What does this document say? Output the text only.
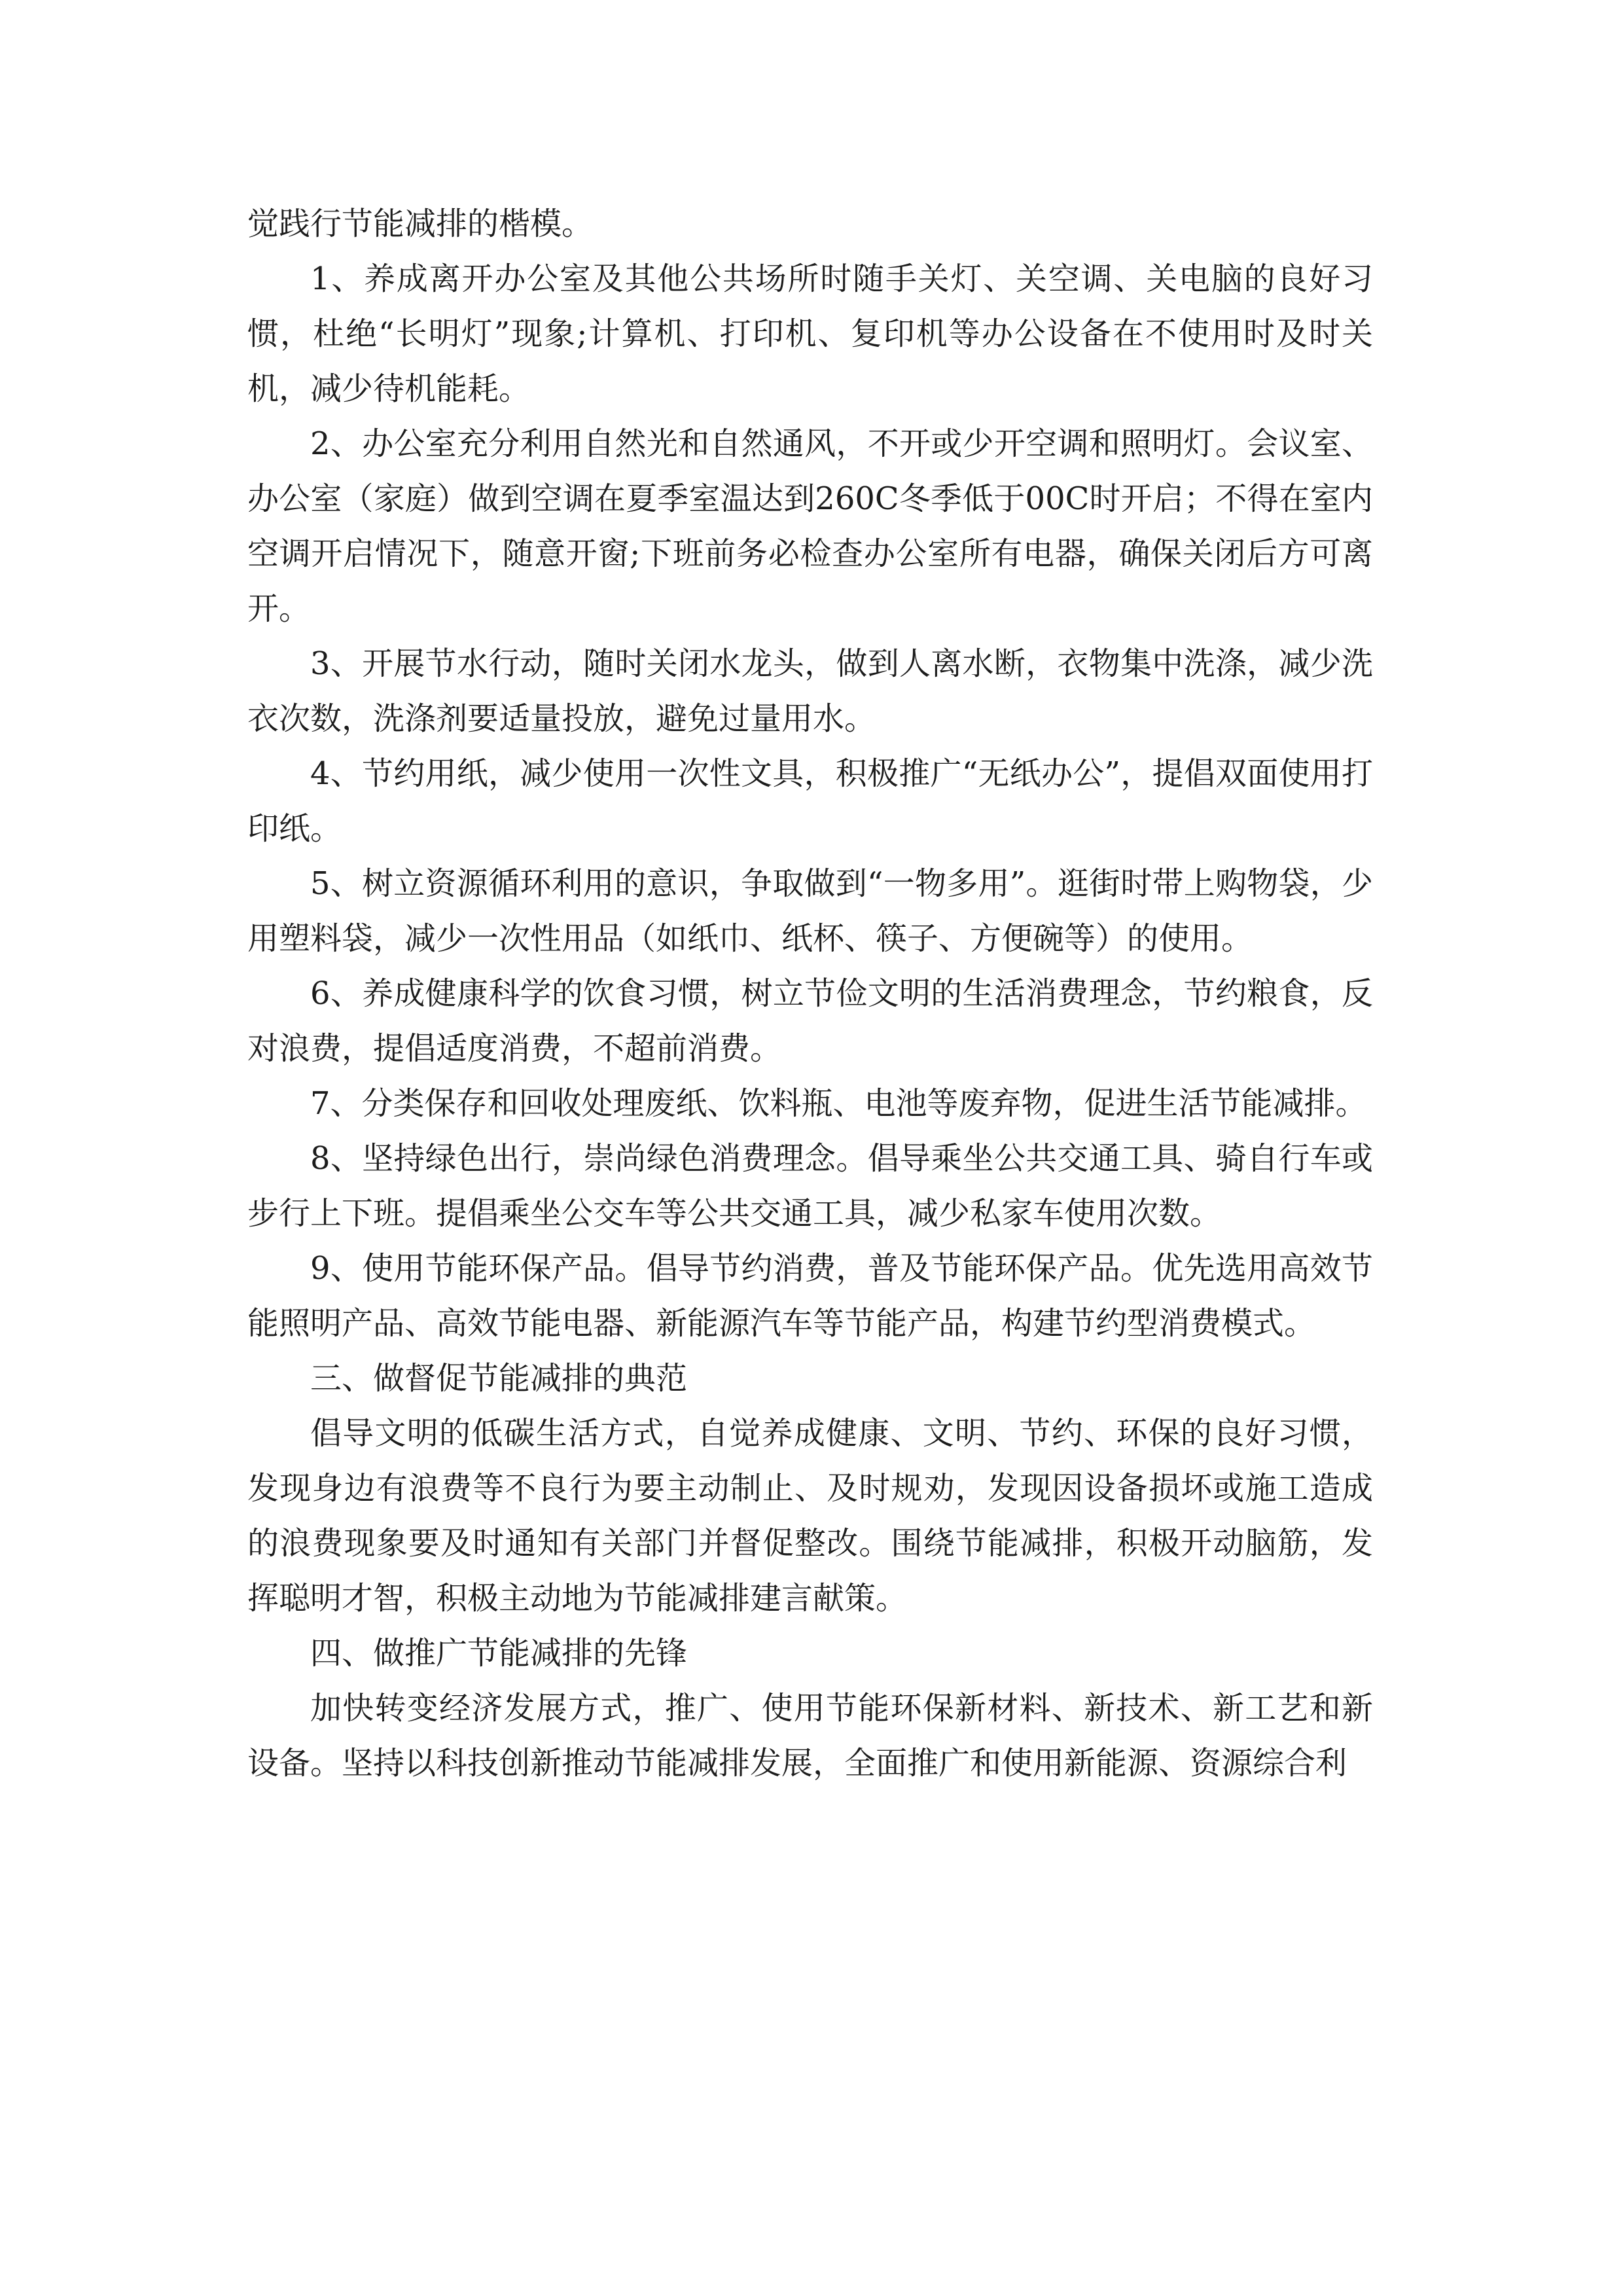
觉践行节能减排的楷模。

1、养成离开办公室及其他公共场所时随手关灯、关空调、关电脑的良好习惯，杜绝“长明灯”现象;计算机、打印机、复印机等办公设备在不使用时及时关机，减少待机能耗。

2、办公室充分利用自然光和自然通风，不开或少开空调和照明灯。会议室、办公室（家庭）做到空调在夏季室温达到260C冬季低于00C时开启；不得在室内空调开启情况下，随意开窗;下班前务必检查办公室所有电器，确保关闭后方可离开。

3、开展节水行动，随时关闭水龙头，做到人离水断，衣物集中洗涤，减少洗衣次数，洗涤剂要适量投放，避免过量用水。

4、节约用纸，减少使用一次性文具，积极推广“无纸办公”，提倡双面使用打印纸。

5、树立资源循环利用的意识，争取做到“一物多用”。逛街时带上购物袋，少用塑料袋，减少一次性用品（如纸巾、纸杯、筷子、方便碗等）的使用。

6、养成健康科学的饮食习惯，树立节俭文明的生活消费理念，节约粮食，反对浪费，提倡适度消费，不超前消费。

7、分类保存和回收处理废纸、饮料瓶、电池等废弃物，促进生活节能减排。

8、坚持绿色出行，崇尚绿色消费理念。倡导乘坐公共交通工具、骑自行车或步行上下班。提倡乘坐公交车等公共交通工具，减少私家车使用次数。

9、使用节能环保产品。倡导节约消费，普及节能环保产品。优先选用高效节能照明产品、高效节能电器、新能源汽车等节能产品，构建节约型消费模式。

三、做督促节能减排的典范

倡导文明的低碳生活方式，自觉养成健康、文明、节约、环保的良好习惯，发现身边有浪费等不良行为要主动制止、及时规劝，发现因设备损坏或施工造成的浪费现象要及时通知有关部门并督促整改。围绕节能减排，积极开动脑筋，发挥聪明才智，积极主动地为节能减排建言献策。

四、做推广节能减排的先锋

加快转变经济发展方式，推广、使用节能环保新材料、新技术、新工艺和新设备。坚持以科技创新推动节能减排发展，全面推广和使用新能源、资源综合利
